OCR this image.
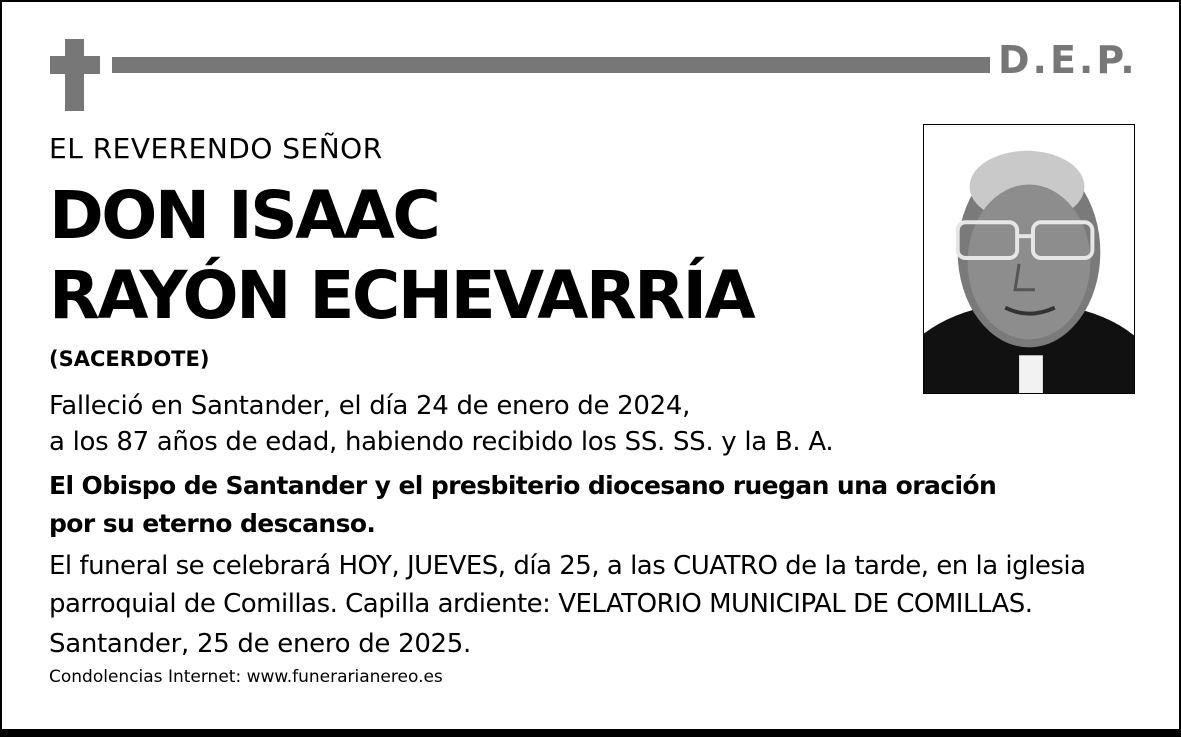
D.E.P.
EL REVERENDO SEÑOR
DON ISAAC
RAYÓN ECHEVARRÍA
(SACERDOTE)
Falleció en Santander, el día 24 de enero de 2024,
a los 87 años de edad, habiendo recibido los SS. SS. y la B. A.
El Obispo de Santander y el presbiterio diocesano ruegan una oración
por su eterno descanso.
El funeral se celebrará HOY, JUEVES, día 25, a las CUATRO de la tarde, en la iglesia
parroquial de Comillas. Capilla ardiente: VELATORIO MUNICIPAL DE COMILLAS.
Santander, 25 de enero de 2025.
Condolencias Internet: www.funerarianereo.es
